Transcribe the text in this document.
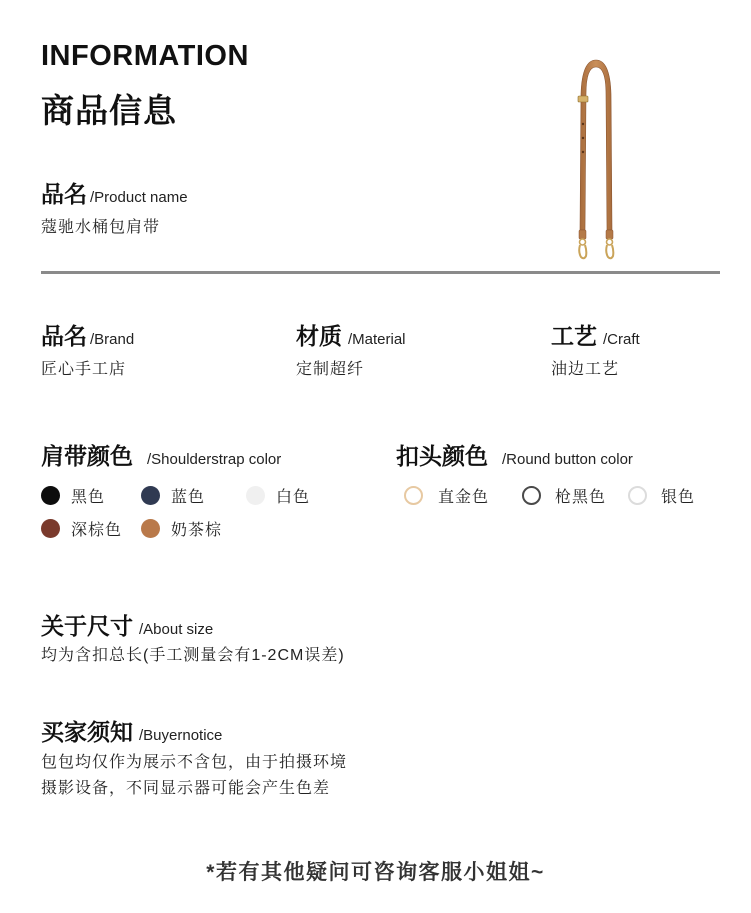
INFORMATION
商品信息
品名 /Product name
蔻驰水桶包肩带
品名 /Brand
匠心手工店
材质 /Material
定制超纤
工艺 /Craft
油边工艺
肩带颜色 /Shoulderstrap color
黑色	蓝色	白色
深棕色	奶茶棕
扣头颜色 /Round button color
直金色	枪黑色	银色
关于尺寸 /About size
均为含扣总长(手工测量会有1-2CM误差)
买家须知 /Buyernotice
包包均仅作为展示不含包，由于拍摄环境
摄影设备，不同显示器可能会产生色差
*若有其他疑问可咨询客服小姐姐~
